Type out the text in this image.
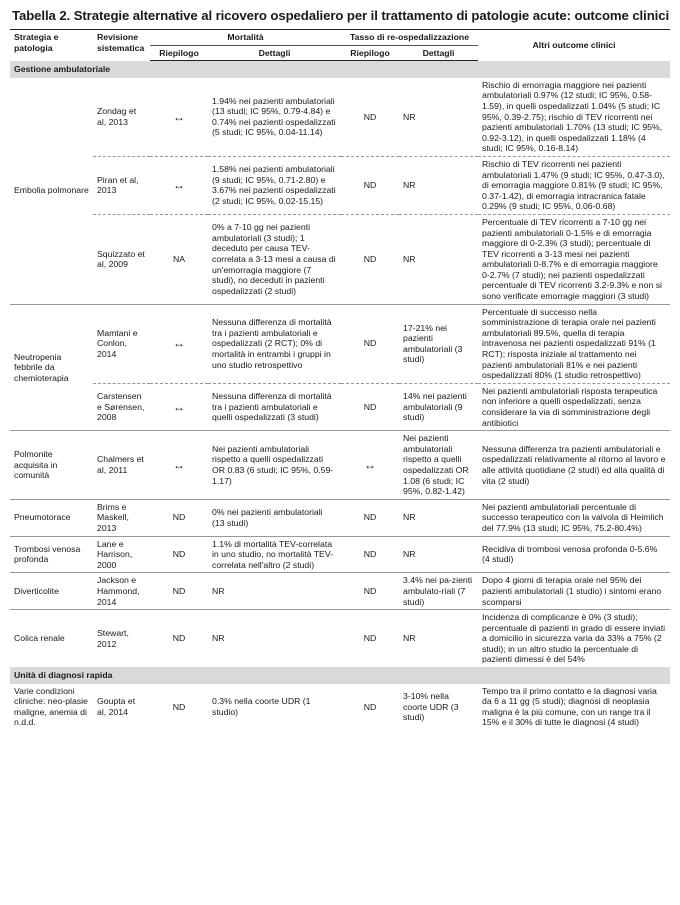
Tabella 2. Strategie alternative al ricovero ospedaliero per il trattamento di patologie acute: outcome clinici
Strategia e patologia	Revisione sistematica	Mortalità		Tasso di re-ospedalizzazione		Altri outcome clinici
		Riepilogo	Dettagli	Riepilogo	Dettagli	
Gestione ambulatoriale						
Embolia polmonare	Zondag et al, 2013	↔	1.94% nei pazienti ambulatoriali (13 studi; IC 95%, 0.79-4.84) e 0.74% nei pazienti ospedalizzati (5 studi; IC 95%, 0.04-11.14)	ND	NR	Rischio di emorragia maggiore nei pazienti ambulatoriali 0.97% (12 studi; IC 95%, 0.58-1.59), in quelli ospedalizzati 1.04% (5 studi; IC 95%, 0.39-2.75); rischio di TEV ricorrenti nei pazienti ambulatoriali 1.70% (13 studi; IC 95%, 0.92-3.12), in quelli ospedalizzati 1.18% (4 studi; IC 95%, 0.16-8.14)
	Piran et al, 2013	↔	1.58% nei pazienti ambulatoriali (9 studi; IC 95%, 0.71-2.80) e 3.67% nei pazienti ospedalizzati (2 studi; IC 95%, 0.02-15.15)	ND	NR	Rischio di TEV ricorrenti nei pazienti ambulatoriali 1.47% (9 studi; IC 95%, 0.47-3.0), di emorragia maggiore 0.81% (9 studi; IC 95%, 0.37-1.42), di emorragia intracranica fatale 0.29% (9 studi; IC 95%, 0.06-0.68)
	Squizzato et al, 2009	NA	0% a 7-10 gg nei pazienti ambulatoriali (3 studi); 1 deceduto per causa TEV-correlata a 3-13 mesi a causa di un'emorragia maggiore (7 studi), no deceduti in pazienti ospedalizzati (2 studi)	ND	NR	Percentuale di TEV ricorrenti a 7-10 gg nei pazienti ambulatoriali 0-1.5% e di emorragia maggiore di 0-2.3% (3 studi); percentuale di TEV ricorrenti a 3-13 mesi nei pazienti ambulatoriali 0-8.7% e di emorragia maggiore 0-2.7% (7 studi); nei pazienti ospedalizzati percentuale di TEV ricorrenti 3.2-9.3% e non si sono verificate emorragie maggiori (3 studi)
Neutropenia febbrile da chemioterapia	Mamtani e Conlon, 2014	↔	Nessuna differenza di mortalità tra i pazienti ambulatoriali e ospedalizzati (2 RCT); 0% di mortalità in entrambi i gruppi in uno studio retrospettivo	ND	17-21% nei pazienti ambulatoriali (3 studi)	Percentuale di successo nella somministrazione di terapia orale nei pazienti ambulatoriali 89.5%, quella di terapia intravenosa nei pazienti ospedalizzati 91% (1 RCT); risposta iniziale al trattamento nei pazienti ambulatoriali 81% e nei pazienti ospedalizzati 80% (1 studio retrospettivo)
	Carstensen e Sørensen, 2008	↔	Nessuna differenza di mortalità tra i pazienti ambulatoriali e quelli ospedalizzati (3 studi)	ND	14% nei pazienti ambulatoriali (9 studi)	Nei pazienti ambulatoriali risposta terapeutica non inferiore a quelli ospedalizzati, senza considerare la via di somministrazione degli antibiotici
Polmonite acquisita in comunità	Chalmers et al, 2011	↔	Nei pazienti ambulatoriali rispetto a quelli ospedalizzati OR 0.83 (6 studi; IC 95%, 0.59-1.17)	↔	Nei pazienti ambulatoriali rispetto a quelli ospedalizzati OR 1.08 (6 studi; IC 95%, 0.82-1.42)	Nessuna differenza tra pazienti ambulatoriali e ospedalizzati relativamente al ritorno al lavoro e alle attività quotidiane (2 studi) ed alla qualità di vita (2 studi)
Pneumotorace	Brims e Maskell, 2013	ND	0% nei pazienti ambulatoriali (13 studi)	ND	NR	Nei pazienti ambulatoriali percentuale di successo terapeutico con la valvola di Heimlich del 77.9% (13 studi; IC 95%, 75.2-80.4%)
Trombosi venosa profonda	Lane e Harrison, 2000	ND	1.1% di mortalità TEV-correlata in uno studio, no mortalità TEV-correlata nell'altro (2 studi)	ND	NR	Recidiva di trombosi venosa profonda 0-5.6% (4 studi)
Diverticolite	Jackson e Hammond, 2014	ND	NR	ND	3.4% nei pa-zienti ambulato-riali (7 studi)	Dopo 4 giorni di terapia orale nel 95% dei pazienti ambulatoriali (1 studio) i sintomi erano scomparsi
Colica renale	Stewart, 2012	ND	NR	ND	NR	Incidenza di complicanze è 0% (3 studi); percentuale di pazienti in grado di essere inviati a domicilio in sicurezza varia da 33% a 75% (2 studi); in un altro studio la percentuale di pazienti dimessi è del 54%
Unità di diagnosi rapida						
Varie condizioni cliniche: neo-plasie maligne, anemia di n.d.d.	Goupta et al, 2014	ND	0.3% nella coorte UDR (1 studio)	ND	3-10% nella coorte UDR (3 studi)	Tempo tra il primo contatto e la diagnosi varia da 6 a 11 gg (5 studi); diagnosi di neoplasia maligna è la più comune, con un range tra il 15% e il 30% di tutte le diagnosi (4 studi)
